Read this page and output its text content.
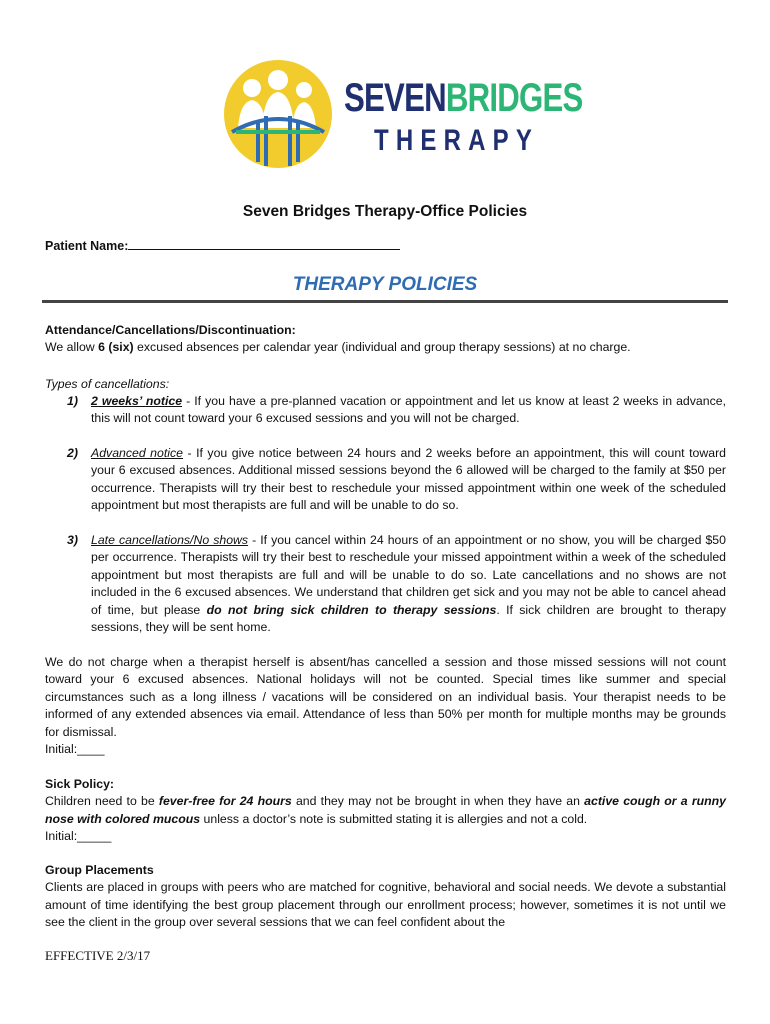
SEVENBRIDGES
THERAPY
Seven Bridges Therapy-Office Policies
Patient Name:
THERAPY POLICIES
Attendance/Cancellations/Discontinuation:
We allow 6 (six) excused absences per calendar year (individual and group therapy sessions) at no charge.
Types of cancellations:
1) 2 weeks’ notice - If you have a pre-planned vacation or appointment and let us know at least 2 weeks in advance, this will not count toward your 6 excused sessions and you will not be charged.
2) Advanced notice - If you give notice between 24 hours and 2 weeks before an appointment, this will count toward your 6 excused absences. Additional missed sessions beyond the 6 allowed will be charged to the family at $50 per occurrence. Therapists will try their best to reschedule your missed appointment within one week of the scheduled appointment but most therapists are full and will be unable to do so.
3) Late cancellations/No shows - If you cancel within 24 hours of an appointment or no show, you will be charged $50 per occurrence. Therapists will try their best to reschedule your missed appointment within a week of the scheduled appointment but most therapists are full and will be unable to do so. Late cancellations and no shows are not included in the 6 excused absences. We understand that children get sick and you may not be able to cancel ahead of time, but please do not bring sick children to therapy sessions. If sick children are brought to therapy sessions, they will be sent home.
We do not charge when a therapist herself is absent/has cancelled a session and those missed sessions will not count toward your 6 excused absences. National holidays will not be counted. Special times like summer and special circumstances such as a long illness / vacations will be considered on an individual basis. Your therapist needs to be informed of any extended absences via email. Attendance of less than 50% per month for multiple months may be grounds for dismissal.
Initial:____
Sick Policy:
Children need to be fever-free for 24 hours and they may not be brought in when they have an active cough or a runny nose with colored mucous unless a doctor’s note is submitted stating it is allergies and not a cold.
Initial:_____
Group Placements
Clients are placed in groups with peers who are matched for cognitive, behavioral and social needs. We devote a substantial amount of time identifying the best group placement through our enrollment process; however, sometimes it is not until we see the client in the group over several sessions that we can feel confident about the
EFFECTIVE 2/3/17
